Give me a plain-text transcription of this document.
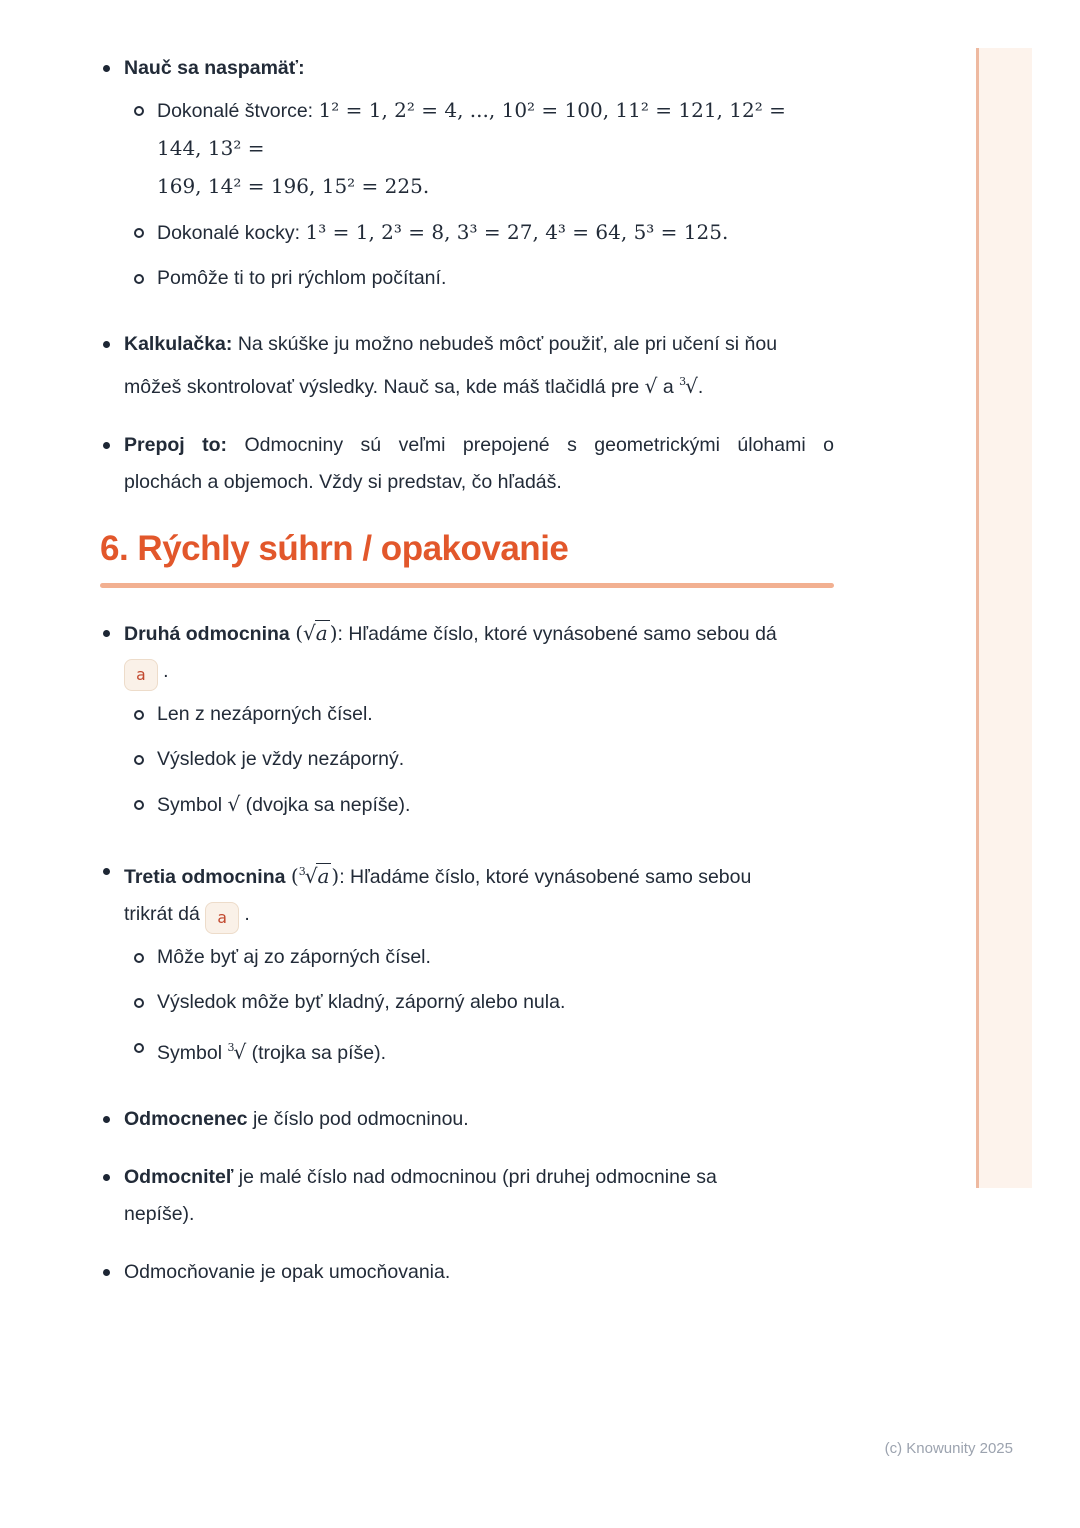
Nauč sa naspamäť:
Dokonalé štvorce: 1² = 1, 2² = 4, ..., 10² = 100, 11² = 121, 12² = 144, 13² =
169, 14² = 196, 15² = 225.
Dokonalé kocky: 1³ = 1, 2³ = 8, 3³ = 27, 4³ = 64, 5³ = 125.
Pomôže ti to pri rýchlom počítaní.
Kalkulačka: Na skúške ju možno nebudeš môcť použiť, ale pri učení si ňou
môžeš skontrolovať výsledky. Nauč sa, kde máš tlačidlá pre √ a $^3$√.
Prepoj to: Odmocniny sú veľmi prepojené s geometrickými úlohami o plochách a objemoch. Vždy si predstav, čo hľadáš.
6. Rýchly súhrn / opakovanie
Druhá odmocnina (√a ): Hľadáme číslo, ktoré vynásobené samo sebou dá
a .
Len z nezáporných čísel.
Výsledok je vždy nezáporný.
Symbol √ (dvojka sa nepíše).
Tretia odmocnina ($^3$√a ): Hľadáme číslo, ktoré vynásobené samo sebou
trikrát dá a .
Môže byť aj zo záporných čísel.
Výsledok môže byť kladný, záporný alebo nula.
Symbol $^3$√ (trojka sa píše).
Odmocnenec je číslo pod odmocninou.
Odmocniteľ je malé číslo nad odmocninou (pri druhej odmocnine sa
nepíše).
Odmocňovanie je opak umocňovania.
(c) Knowunity 2025
